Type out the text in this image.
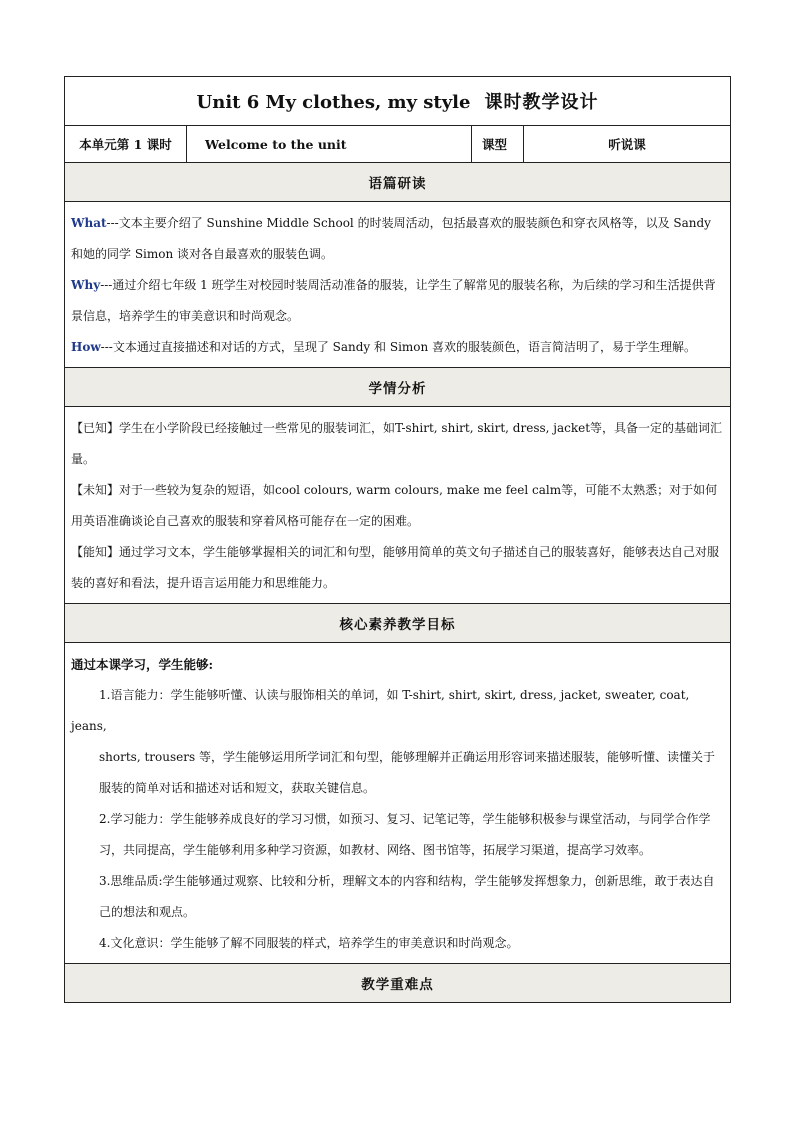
Unit 6 My clothes, my style 课时教学设计
本单元第 1 课时	Welcome to the unit	课型	听说课
语篇研读

What---文本主要介绍了 Sunshine Middle School 的时装周活动，包括最喜欢的服装颜色和穿衣风格等，以及 Sandy 和她的同学 Simon 谈对各自最喜欢的服装色调。

Why---通过介绍七年级 1 班学生对校园时装周活动准备的服装，让学生了解常见的服装名称，为后续的学习和生活提供背景信息，培养学生的审美意识和时尚观念。

How---文本通过直接描述和对话的方式，呈现了 Sandy 和 Simon 喜欢的服装颜色，语言简洁明了，易于学生理解。

学情分析

【已知】学生在小学阶段已经接触过一些常见的服装词汇，如T-shirt, shirt, skirt, dress, jacket等，具备一定的基础词汇量。

【未知】对于一些较为复杂的短语，如cool colours, warm colours, make me feel calm等，可能不太熟悉；对于如何用英语准确谈论自己喜欢的服装和穿着风格可能存在一定的困难。

【能知】通过学习文本，学生能够掌握相关的词汇和句型，能够用简单的英文句子描述自己的服装喜好，能够表达自己对服装的喜好和看法，提升语言运用能力和思维能力。

核心素养教学目标

通过本课学习，学生能够:

1.语言能力：学生能够听懂、认读与服饰相关的单词，如 T-shirt, shirt, skirt, dress, jacket, sweater, coat, jeans,

shorts, trousers 等，学生能够运用所学词汇和句型，能够理解并正确运用形容词来描述服装，能够听懂、读懂关于服装的简单对话和描述对话和短文，获取关键信息。

2.学习能力：学生能够养成良好的学习习惯，如预习、复习、记笔记等，学生能够积极参与课堂活动，与同学合作学习，共同提高，学生能够利用多种学习资源，如教材、网络、图书馆等，拓展学习渠道，提高学习效率。

3.思维品质:学生能够通过观察、比较和分析，理解文本的内容和结构，学生能够发挥想象力，创新思维，敢于表达自己的想法和观点。

4.文化意识：学生能够了解不同服装的样式，培养学生的审美意识和时尚观念。

教学重难点
